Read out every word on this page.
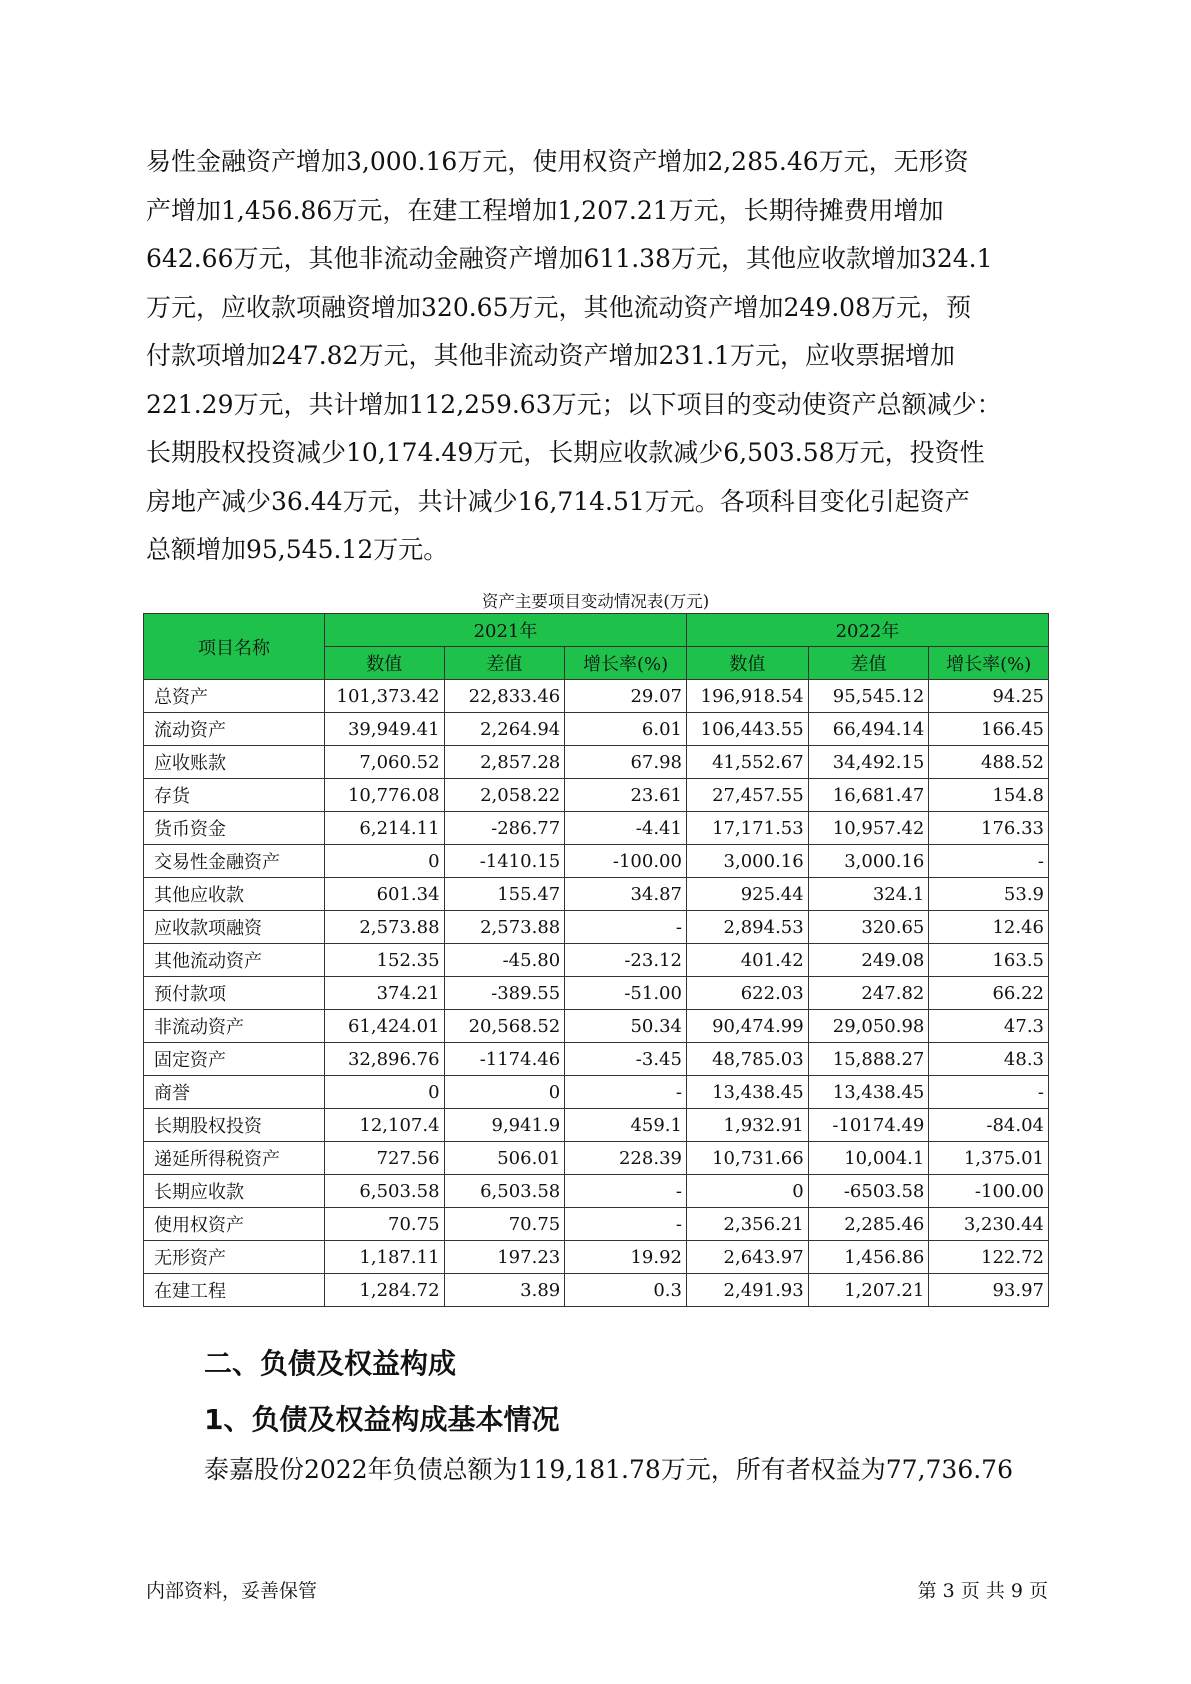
易性金融资产增加3,000.16万元，使用权资产增加2,285.46万元，无形资

产增加1,456.86万元，在建工程增加1,207.21万元，长期待摊费用增加

642.66万元，其他非流动金融资产增加611.38万元，其他应收款增加324.1

万元，应收款项融资增加320.65万元，其他流动资产增加249.08万元，预

付款项增加247.82万元，其他非流动资产增加231.1万元，应收票据增加

221.29万元，共计增加112,259.63万元；以下项目的变动使资产总额减少：

长期股权投资减少10,174.49万元，长期应收款减少6,503.58万元，投资性

房地产减少36.44万元，共计减少16,714.51万元。各项科目变化引起资产

总额增加95,545.12万元。

资产主要项目变动情况表(万元)
项目名称	2021年			2022年		
	数值	差值	增长率(%)	数值	差值	增长率(%)
总资产	101,373.42	22,833.46	29.07	196,918.54	95,545.12	94.25
流动资产	39,949.41	2,264.94	6.01	106,443.55	66,494.14	166.45
应收账款	7,060.52	2,857.28	67.98	41,552.67	34,492.15	488.52
存货	10,776.08	2,058.22	23.61	27,457.55	16,681.47	154.8
货币资金	6,214.11	-286.77	-4.41	17,171.53	10,957.42	176.33
交易性金融资产	0	-1410.15	-100.00	3,000.16	3,000.16	-
其他应收款	601.34	155.47	34.87	925.44	324.1	53.9
应收款项融资	2,573.88	2,573.88	-	2,894.53	320.65	12.46
其他流动资产	152.35	-45.80	-23.12	401.42	249.08	163.5
预付款项	374.21	-389.55	-51.00	622.03	247.82	66.22
非流动资产	61,424.01	20,568.52	50.34	90,474.99	29,050.98	47.3
固定资产	32,896.76	-1174.46	-3.45	48,785.03	15,888.27	48.3
商誉	0	0	-	13,438.45	13,438.45	-
长期股权投资	12,107.4	9,941.9	459.1	1,932.91	-10174.49	-84.04
递延所得税资产	727.56	506.01	228.39	10,731.66	10,004.1	1,375.01
长期应收款	6,503.58	6,503.58	-	0	-6503.58	-100.00
使用权资产	70.75	70.75	-	2,356.21	2,285.46	3,230.44
无形资产	1,187.11	197.23	19.92	2,643.97	1,456.86	122.72
在建工程	1,284.72	3.89	0.3	2,491.93	1,207.21	93.97
二、负债及权益构成
1、负债及权益构成基本情况
泰嘉股份2022年负债总额为119,181.78万元，所有者权益为77,736.76
内部资料，妥善保管	第 3 页 共 9 页
